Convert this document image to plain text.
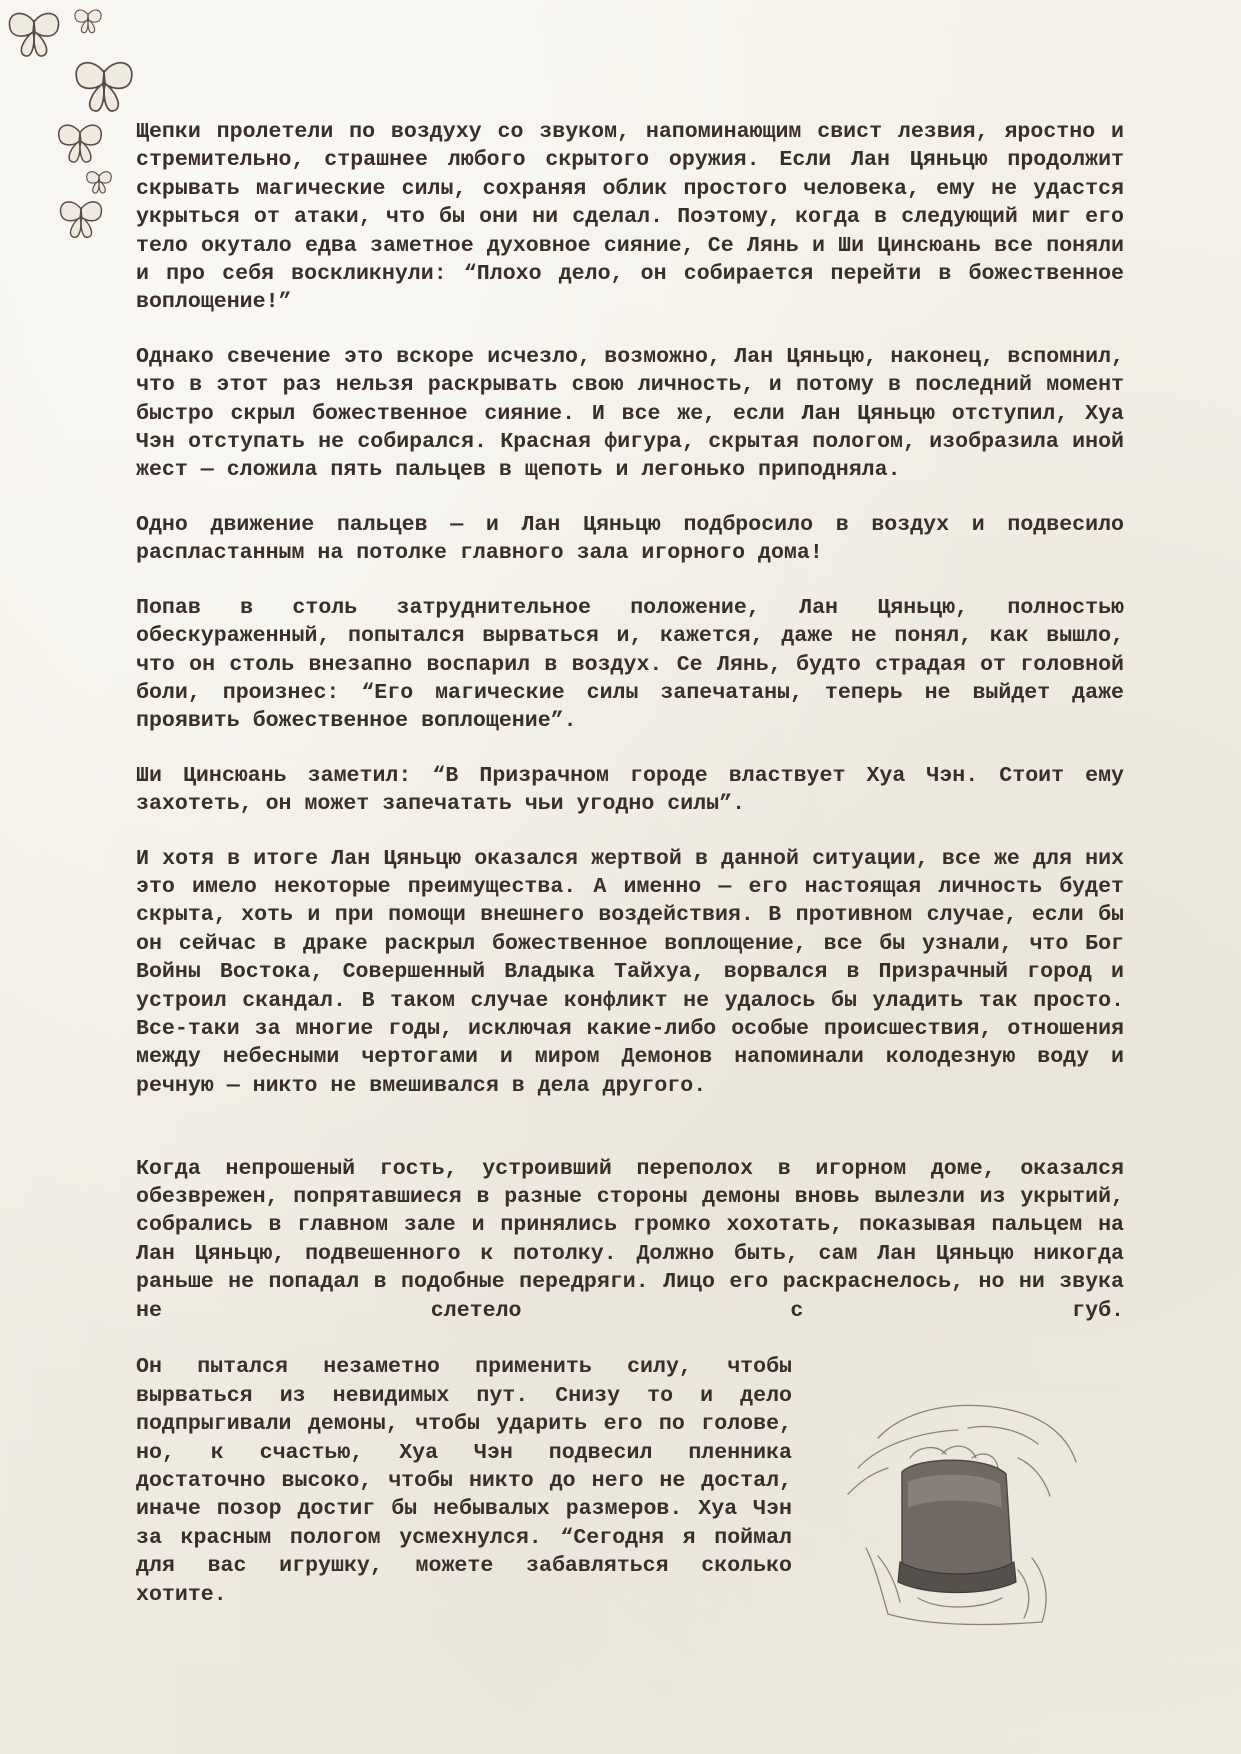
Щепки пролетели по воздуху со звуком, напоминающим свист лезвия, яростно и стремительно, страшнее любого скрытого оружия. Если Лан Цяньцю продолжит скрывать магические силы, сохраняя облик простого человека, ему не удастся укрыться от атаки, что бы они ни сделал. Поэтому, когда в следующий миг его тело окутало едва заметное духовное сияние, Се Лянь и Ши Цинсюань все поняли и про себя воскликнули: “Плохо дело, он собирается перейти в божественное воплощение!”

Однако свечение это вскоре исчезло, возможно, Лан Цяньцю, наконец, вспомнил, что в этот раз нельзя раскрывать свою личность, и потому в последний момент быстро скрыл божественное сияние. И все же, если Лан Цяньцю отступил, Хуа Чэн отступать не собирался. Красная фигура, скрытая пологом, изобразила иной жест — сложила пять пальцев в щепоть и легонько приподняла.

Одно движение пальцев — и Лан Цяньцю подбросило в воздух и подвесило распластанным на потолке главного зала игорного дома!

Попав в столь затруднительное положение, Лан Цяньцю, полностью обескураженный, попытался вырваться и, кажется, даже не понял, как вышло, что он столь внезапно воспарил в воздух. Се Лянь, будто страдая от головной боли, произнес: “Его магические силы запечатаны, теперь не выйдет даже проявить божественное воплощение”.

Ши Цинсюань заметил: “В Призрачном городе властвует Хуа Чэн. Стоит ему захотеть, он может запечатать чьи угодно силы”.

И хотя в итоге Лан Цяньцю оказался жертвой в данной ситуации, все же для них это имело некоторые преимущества. А именно — его настоящая личность будет скрыта, хоть и при помощи внешнего воздействия. В противном случае, если бы он сейчас в драке раскрыл божественное воплощение, все бы узнали, что Бог Войны Востока, Совершенный Владыка Тайхуа, ворвался в Призрачный город и устроил скандал. В таком случае конфликт не удалось бы уладить так просто. Все-таки за многие годы, исключая какие-либо особые происшествия, отношения между небесными чертогами и миром Демонов напоминали колодезную воду и речную — никто не вмешивался в дела другого.

Когда непрошеный гость, устроивший переполох в игорном доме, оказался обезврежен, попрятавшиеся в разные стороны демоны вновь вылезли из укрытий, собрались в главном зале и принялись громко хохотать, показывая пальцем на Лан Цяньцю, подвешенного к потолку. Должно быть, сам Лан Цяньцю никогда раньше не попадал в подобные передряги. Лицо его раскраснелось, но ни звука не слетело с губ.

Он пытался незаметно применить силу, чтобы вырваться из невидимых пут. Снизу то и дело подпрыгивали демоны, чтобы ударить его по голове, но, к счастью, Хуа Чэн подвесил пленника достаточно высоко, чтобы никто до него не достал, иначе позор достиг бы небывалых размеров. Хуа Чэн за красным пологом усмехнулся. “Сегодня я поймал для вас игрушку, можете забавляться сколько хотите.
